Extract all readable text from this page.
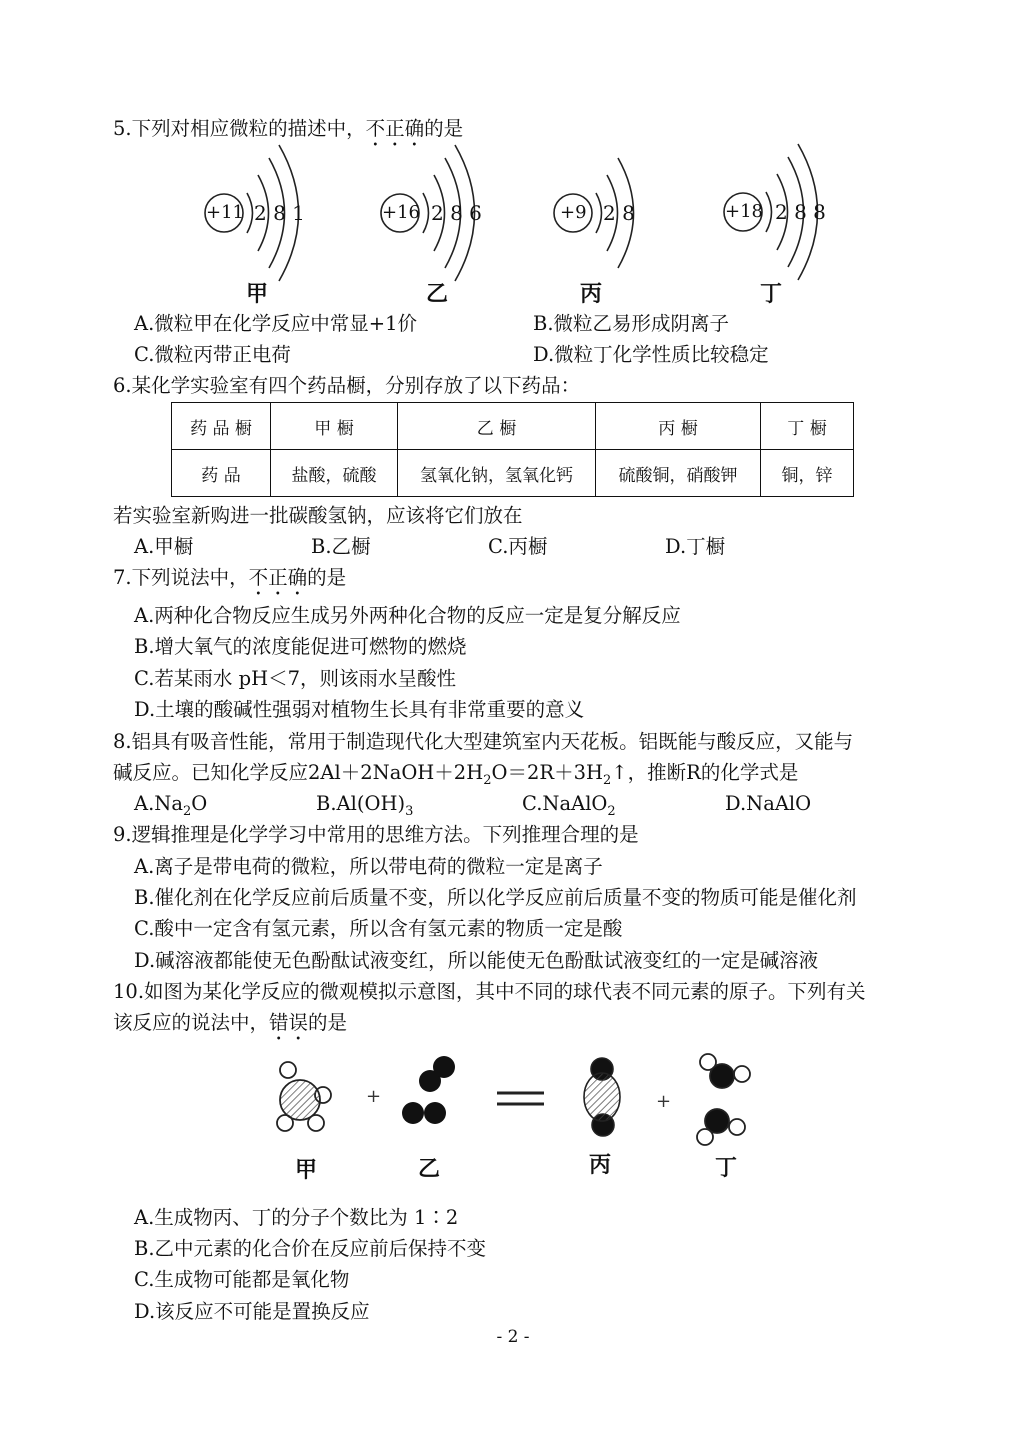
5.下列对相应微粒的描述中，不正确的是
+11 2 8 1	+16 2 8 6	+9 2 8	+18 2 8 8
甲	乙	丙	丁
A.微粒甲在化学反应中常显+1价	B.微粒乙易形成阴离子
C.微粒丙带正电荷	D.微粒丁化学性质比较稳定
6.某化学实验室有四个药品橱，分别存放了以下药品：
药 品 橱	甲 橱	乙 橱	丙 橱	丁 橱
药 品	盐酸，硫酸	氢氧化钠，氢氧化钙	硫酸铜，硝酸钾	铜，锌
若实验室新购进一批碳酸氢钠，应该将它们放在
A.甲橱	B.乙橱	C.丙橱	D.丁橱
7.下列说法中，不正确的是
A.两种化合物反应生成另外两种化合物的反应一定是复分解反应
B.增大氧气的浓度能促进可燃物的燃烧
C.若某雨水 pH＜7，则该雨水呈酸性
D.土壤的酸碱性强弱对植物生长具有非常重要的意义
8.铝具有吸音性能，常用于制造现代化大型建筑室内天花板。铝既能与酸反应，又能与
碱反应。已知化学反应$2Al+2NaOH+2H_2O=2R+3H_2↑$，推断R的化学式是
$A.Na_2O$	$B.Al(OH)_3$	C.NaAlO$_2$	D.NaAlO
9.逻辑推理是化学学习中常用的思维方法。下列推理合理的是
A.离子是带电荷的微粒，所以带电荷的微粒一定是离子
B.催化剂在化学反应前后质量不变，所以化学反应前后质量不变的物质可能是催化剂
C.酸中一定含有氢元素，所以含有氢元素的物质一定是酸
D.碱溶液都能使无色酚酞试液变红，所以能使无色酚酞试液变红的一定是碱溶液
10.如图为某化学反应的微观模拟示意图，其中不同的球代表不同元素的原子。下列有关
该反应的说法中，错误的是
+	+
甲	乙	丙	丁
A.生成物丙、丁的分子个数比为 1∶2
B.乙中元素的化合价在反应前后保持不变
C.生成物可能都是氧化物
D.该反应不可能是置换反应
- 2 -
